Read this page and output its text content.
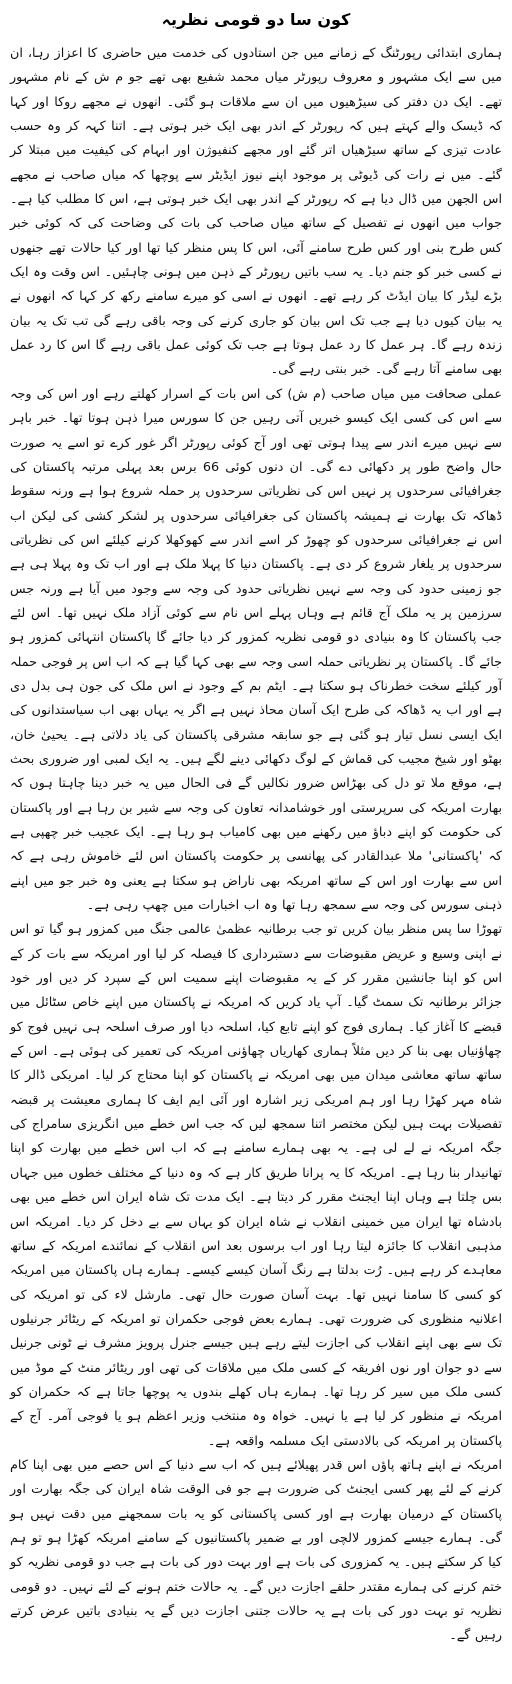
کون سا دو قومی نظریہ

ہماری ابتدائی رپورٹنگ کے زمانے میں جن استادوں کی خدمت میں حاضری کا اعزاز رہا، ان میں سے ایک مشہور و معروف رپورٹر میاں محمد شفیع بھی تھے جو م ش کے نام مشہور تھے۔ ایک دن دفتر کی سیڑھیوں میں ان سے ملاقات ہو گئی۔ انھوں نے مجھے روکا اور کہا کہ ڈیسک والے کہتے ہیں کہ رپورٹر کے اندر بھی ایک خبر ہوتی ہے۔ اتنا کہہ کر وہ حسب عادت تیزی کے ساتھ سیڑھیاں اتر گئے اور مجھے کنفیوژن اور ابہام کی کیفیت میں مبتلا کر گئے۔ میں نے رات کی ڈیوٹی پر موجود اپنے نیوز ایڈیٹر سے پوچھا کہ میاں صاحب نے مجھے اس الجھن میں ڈال دیا ہے کہ رپورٹر کے اندر بھی ایک خبر ہوتی ہے، اس کا مطلب کیا ہے۔ جواب میں انھوں نے تفصیل کے ساتھ میاں صاحب کی بات کی وضاحت کی کہ کوئی خبر کس طرح بنی اور کس طرح سامنے آئی، اس کا پس منظر کیا تھا اور کیا حالات تھے جنھوں نے کسی خبر کو جنم دیا۔ یہ سب باتیں رپورٹر کے ذہن میں ہونی چاہئیں۔ اس وقت وہ ایک بڑے لیڈر کا بیان ایڈٹ کر رہے تھے۔ انھوں نے اسی کو میرے سامنے رکھ کر کہا کہ انھوں نے یہ بیان کیوں دیا ہے جب تک اس بیان کو جاری کرنے کی وجہ باقی رہے گی تب تک یہ بیان زندہ رہے گا۔ ہر عمل کا رد عمل ہوتا ہے جب تک کوئی عمل باقی رہے گا اس کا رد عمل بھی سامنے آتا رہے گی۔ خبر بنتی رہے گی۔

عملی صحافت میں میاں صاحب (م ش) کی اس بات کے اسرار کھلتے رہے اور اس کی وجہ سے اس کی کسی ایک کیسو خبریں آتی رہیں جن کا سورس میرا ذہن ہوتا تھا۔ خبر باہر سے نہیں میرے اندر سے پیدا ہوتی تھی اور آج کوئی رپورٹر اگر غور کرے تو اسے یہ صورت حال واضح طور پر دکھائی دے گی۔ ان دنوں کوئی 66 برس بعد پہلی مرتبہ پاکستان کی جغرافیائی سرحدوں پر نہیں اس کی نظریاتی سرحدوں پر حملہ شروع ہوا ہے ورنہ سقوط ڈھاکہ تک بھارت نے ہمیشہ پاکستان کی جغرافیائی سرحدوں پر لشکر کشی کی لیکن اب اس نے جغرافیائی سرحدوں کو چھوڑ کر اسے اندر سے کھوکھلا کرنے کیلئے اس کی نظریاتی سرحدوں پر یلغار شروع کر دی ہے۔ پاکستان دنیا کا پہلا ملک ہے اور اب تک وہ پہلا ہی ہے جو زمینی حدود کی وجہ سے نہیں نظریاتی حدود کی وجہ سے وجود میں آیا ہے ورنہ جس سرزمین پر یہ ملک آج قائم ہے وہاں پہلے اس نام سے کوئی آزاد ملک نہیں تھا۔ اس لئے جب پاکستان کا وہ بنیادی دو قومی نظریہ کمزور کر دیا جائے گا پاکستان انتہائی کمزور ہو جائے گا۔ پاکستان پر نظریاتی حملہ اسی وجہ سے بھی کہا گیا ہے کہ اب اس پر فوجی حملہ آور کیلئے سخت خطرناک ہو سکتا ہے۔ ایٹم بم کے وجود نے اس ملک کی جون ہی بدل دی ہے اور اب یہ ڈھاکہ کی طرح ایک آسان محاذ نہیں ہے اگر یہ یہاں بھی اب سیاستدانوں کی ایک ایسی نسل تیار ہو گئی ہے جو سابقہ مشرقی پاکستان کی یاد دلاتی ہے۔ یحییٰ خان، بھٹو اور شیخ مجیب کی قماش کے لوگ دکھائی دینے لگے ہیں۔ یہ ایک لمبی اور ضروری بحث ہے، موقع ملا تو دل کی بھڑاس ضرور نکالیں گے فی الحال میں یہ خبر دینا چاہتا ہوں کہ بھارت امریکہ کی سرپرستی اور خوشامدانہ تعاون کی وجہ سے شیر بن رہا ہے اور پاکستان کی حکومت کو اپنے دباؤ میں رکھنے میں بھی کامیاب ہو رہا ہے۔ ایک عجیب خبر چھپی ہے کہ 'پاکستانی' ملا عبدالقادر کی پھانسی پر حکومت پاکستان اس لئے خاموش رہی ہے کہ اس سے بھارت اور اس کے ساتھ امریکہ بھی ناراض ہو سکتا ہے یعنی وہ خبر جو میں اپنے ذہنی سورس کی وجہ سے سمجھ رہا تھا وہ اب اخبارات میں چھپ رہی ہے۔

تھوڑا سا پس منظر بیان کریں تو جب برطانیہ عظمیٰ عالمی جنگ میں کمزور ہو گیا تو اس نے اپنی وسیع و عریض مقبوضات سے دستبرداری کا فیصلہ کر لیا اور امریکہ سے بات کر کے اس کو اپنا جانشین مقرر کر کے یہ مقبوضات اپنے سمیت اس کے سپرد کر دیں اور خود جزائر برطانیہ تک سمٹ گیا۔ آپ یاد کریں کہ امریکہ نے پاکستان میں اپنے خاص سٹائل میں قبضے کا آغاز کیا۔ ہماری فوج کو اپنے تابع کیا، اسلحہ دیا اور صرف اسلحہ ہی نہیں فوج کو چھاؤنیاں بھی بنا کر دیں مثلاً ہماری کھاریاں چھاؤنی امریکہ کی تعمیر کی ہوئی ہے۔ اس کے ساتھ ساتھ معاشی میدان میں بھی امریکہ نے پاکستان کو اپنا محتاج کر لیا۔ امریکی ڈالر کا شاہ مہر کھڑا رہا اور ہم امریکی زیر اشارہ اور آئی ایم ایف کا ہماری معیشت پر قبضہ تفصیلات بہت ہیں لیکن مختصر اتنا سمجھ لیں کہ جب اس خطے میں انگریزی سامراج کی جگہ امریکہ نے لے لی ہے۔ یہ بھی ہمارے سامنے ہے کہ اب اس خطے میں بھارت کو اپنا تھانیدار بنا رہا ہے۔ امریکہ کا یہ پرانا طریق کار ہے کہ وہ دنیا کے مختلف خطوں میں جہاں بس چلتا ہے وہاں اپنا ایجنٹ مقرر کر دیتا ہے۔ ایک مدت تک شاہ ایران اس خطے میں بھی بادشاہ تھا ایران میں خمینی انقلاب نے شاہ ایران کو یہاں سے بے دخل کر دیا۔ امریکہ اس مذہبی انقلاب کا جائزہ لیتا رہا اور اب برسوں بعد اس انقلاب کے نمائندے امریکہ کے ساتھ معاہدے کر رہے ہیں۔ رُت بدلتا ہے رنگ آسان کیسے کیسے۔ ہمارے ہاں پاکستان میں امریکہ کو کسی کا سامنا نہیں تھا۔ بہت آسان صورت حال تھی۔ مارشل لاء کی تو امریکہ کی اعلانیہ منظوری کی ضرورت تھی۔ ہمارے بعض فوجی حکمران تو امریکہ کے ریٹائر جرنیلوں تک سے بھی اپنے انقلاب کی اجازت لیتے رہے ہیں جیسے جنرل پرویز مشرف نے ٹونی جرنیل سے دو جوان اور نوں افریقہ کے کسی ملک میں ملاقات کی تھی اور ریٹائر منٹ کے موڈ میں کسی ملک میں سیر کر رہا تھا۔ ہمارے ہاں کھلے بندوں یہ پوچھا جاتا ہے کہ حکمران کو امریکہ نے منظور کر لیا ہے یا نہیں۔ خواہ وہ منتخب وزیر اعظم ہو یا فوجی آمر۔ آج کے پاکستان پر امریکہ کی بالادستی ایک مسلمہ واقعہ ہے۔

امریکہ نے اپنے ہاتھ پاؤں اس قدر پھیلائے ہیں کہ اب سے دنیا کے اس حصے میں بھی اپنا کام کرنے کے لئے پھر کسی ایجنٹ کی ضرورت ہے جو فی الوقت شاہ ایران کی جگہ بھارت اور پاکستان کے درمیان بھارت ہے اور کسی پاکستانی کو یہ بات سمجھنے میں دقت نہیں ہو گی۔ ہمارے جیسے کمزور لالچی اور بے ضمیر پاکستانیوں کے سامنے امریکہ کھڑا ہو تو ہم کیا کر سکتے ہیں۔ یہ کمزوری کی بات ہے اور بہت دور کی بات ہے جب دو قومی نظریہ کو ختم کرنے کی ہمارے مقتدر حلقے اجازت دیں گے۔ یہ حالات ختم ہونے کے لئے نہیں۔ دو قومی نظریہ تو بہت دور کی بات ہے یہ حالات جتنی اجازت دیں گے یہ بنیادی باتیں عرض کرتے رہیں گے۔
